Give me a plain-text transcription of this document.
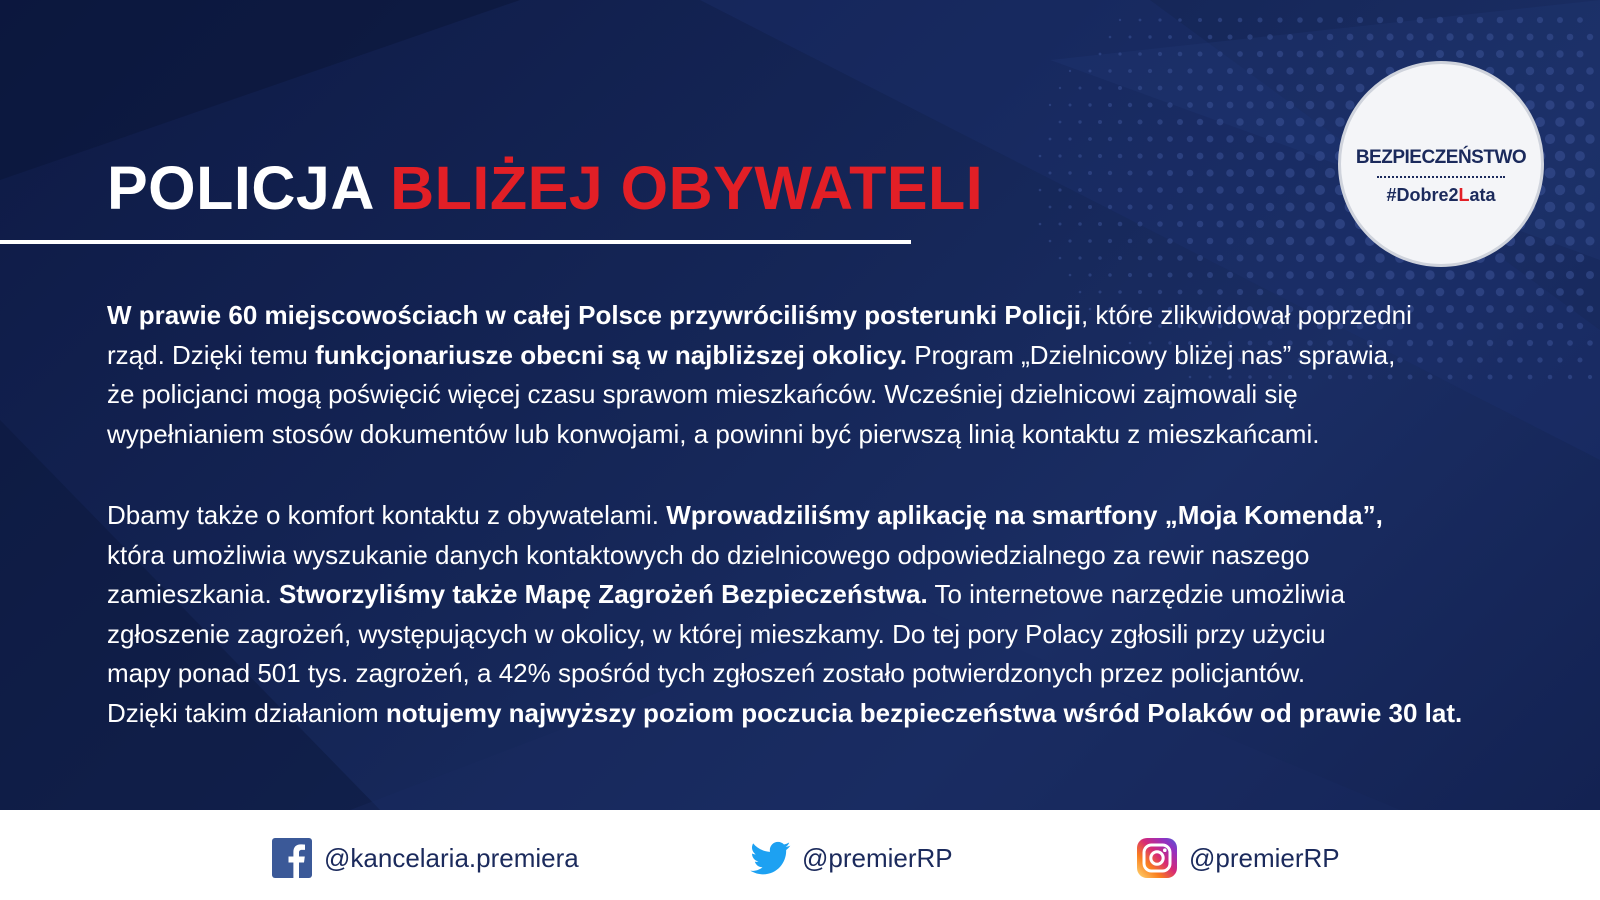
POLICJA BLIŻEJ OBYWATELI	BEZPIECZEŃSTWO
#Dobre2Lata
W prawie 60 miejscowościach w całej Polsce przywróciliśmy posterunki Policji, które zlikwidował poprzedni
rząd. Dzięki temu funkcjonariusze obecni są w najbliższej okolicy. Program „Dzielnicowy bliżej nas” sprawia,
że policjanci mogą poświęcić więcej czasu sprawom mieszkańców. Wcześniej dzielnicowi zajmowali się
wypełnianiem stosów dokumentów lub konwojami, a powinni być pierwszą linią kontaktu z mieszkańcami.
Dbamy także o komfort kontaktu z obywatelami. Wprowadziliśmy aplikację na smartfony „Moja Komenda”,
która umożliwia wyszukanie danych kontaktowych do dzielnicowego odpowiedzialnego za rewir naszego
zamieszkania. Stworzyliśmy także Mapę Zagrożeń Bezpieczeństwa. To internetowe narzędzie umożliwia
zgłoszenie zagrożeń, występujących w okolicy, w której mieszkamy. Do tej pory Polacy zgłosili przy użyciu
mapy ponad 501 tys. zagrożeń, a 42% spośród tych zgłoszeń zostało potwierdzonych przez policjantów.
Dzięki takim działaniom notujemy najwyższy poziom poczucia bezpieczeństwa wśród Polaków od prawie 30 lat.
@kancelaria.premiera	@premierRP	@premierRP
